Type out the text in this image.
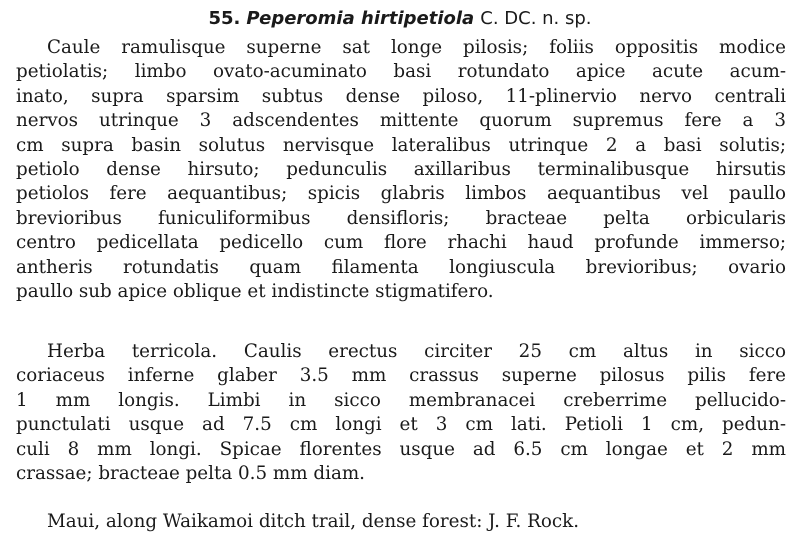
55. Peperomia hirtipetiola C. DC. n. sp.
Caule ramulisque superne sat longe pilosis; foliis oppositis modice
petiolatis; limbo ovato-acuminato basi rotundato apice acute acum-
inato, supra sparsim subtus dense piloso, 11-plinervio nervo centrali
nervos utrinque 3 adscendentes mittente quorum supremus fere a 3
cm supra basin solutus nervisque lateralibus utrinque 2 a basi solutis;
petiolo dense hirsuto; pedunculis axillaribus terminalibusque hirsutis
petiolos fere aequantibus; spicis glabris limbos aequantibus vel paullo
brevioribus funiculiformibus densifloris; bracteae pelta orbicularis
centro pedicellata pedicello cum flore rhachi haud profunde immerso;
antheris rotundatis quam filamenta longiuscula brevioribus; ovario
paullo sub apice oblique et indistincte stigmatifero.
Herba terricola. Caulis erectus circiter 25 cm altus in sicco
coriaceus inferne glaber 3.5 mm crassus superne pilosus pilis fere
1 mm longis. Limbi in sicco membranacei creberrime pellucido-
punctulati usque ad 7.5 cm longi et 3 cm lati. Petioli 1 cm, pedun-
culi 8 mm longi. Spicae florentes usque ad 6.5 cm longae et 2 mm
crassae; bracteae pelta 0.5 mm diam.
Maui, along Waikamoi ditch trail, dense forest: J. F. Rock.
